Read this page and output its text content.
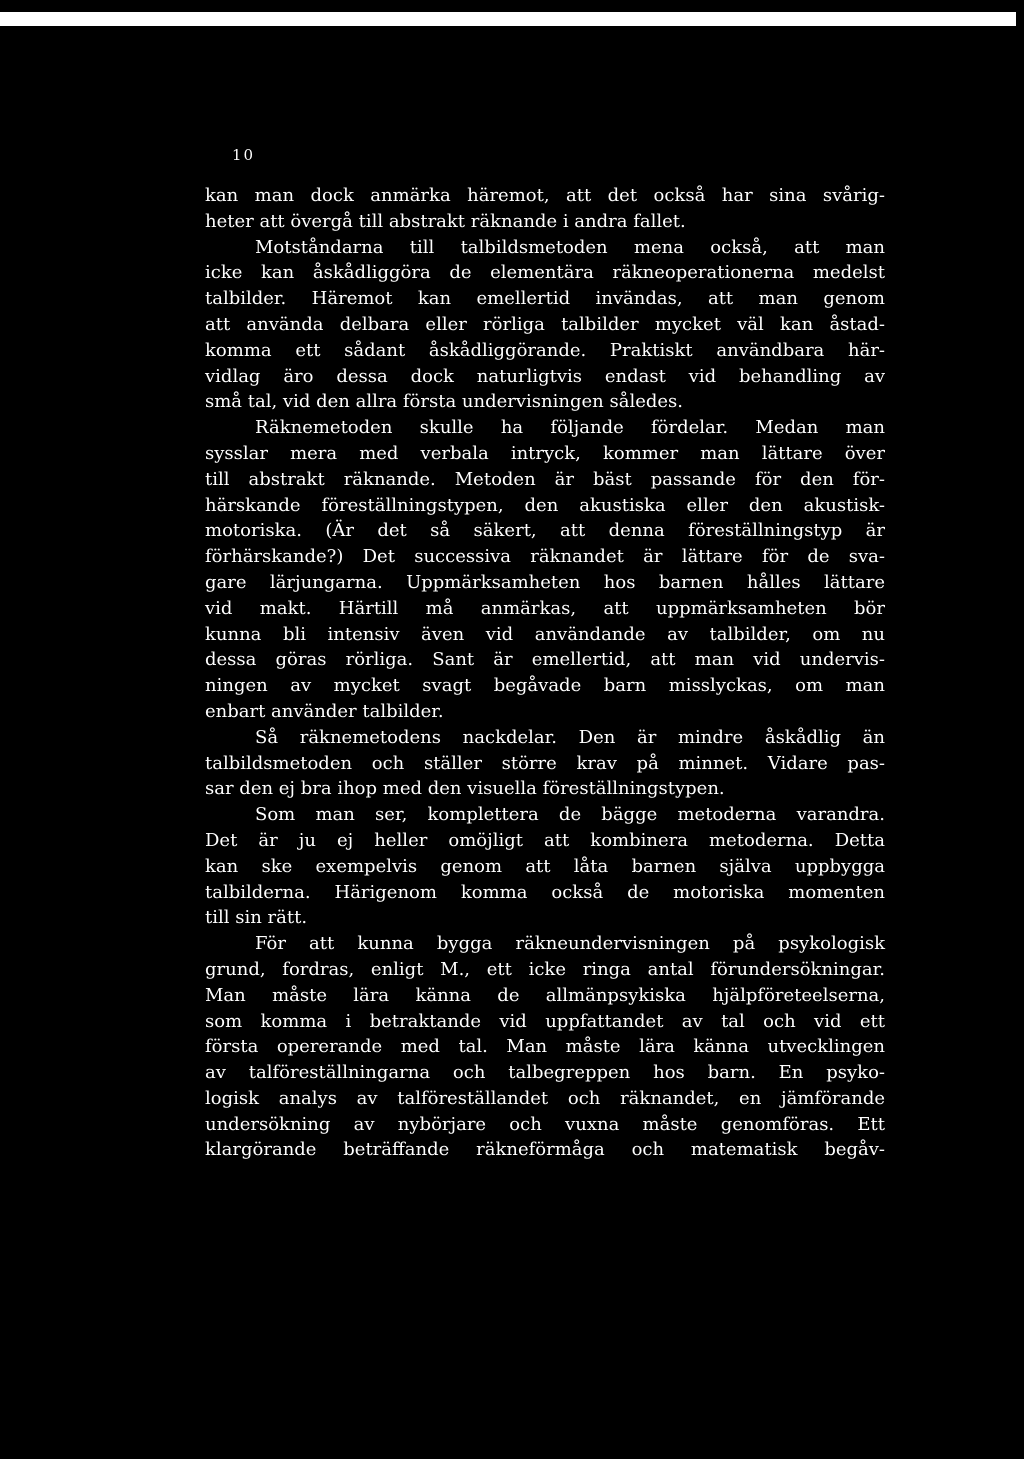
10
kan man dock anmärka häremot, att det också har sina svårig-
heter att övergå till abstrakt räknande i andra fallet.
Motståndarna till talbildsmetoden mena också, att man
icke kan åskådliggöra de elementära räkneoperationerna medelst
talbilder. Häremot kan emellertid invändas, att man genom
att använda delbara eller rörliga talbilder mycket väl kan åstad-
komma ett sådant åskådliggörande. Praktiskt användbara här-
vidlag äro dessa dock naturligtvis endast vid behandling av
små tal, vid den allra första undervisningen således.
Räknemetoden skulle ha följande fördelar. Medan man
sysslar mera med verbala intryck, kommer man lättare över
till abstrakt räknande. Metoden är bäst passande för den för-
härskande föreställningstypen, den akustiska eller den akustisk-
motoriska. (Är det så säkert, att denna föreställningstyp är
förhärskande?) Det successiva räknandet är lättare för de sva-
gare lärjungarna. Uppmärksamheten hos barnen hålles lättare
vid makt. Härtill må anmärkas, att uppmärksamheten bör
kunna bli intensiv även vid användande av talbilder, om nu
dessa göras rörliga. Sant är emellertid, att man vid undervis-
ningen av mycket svagt begåvade barn misslyckas, om man
enbart använder talbilder.
Så räknemetodens nackdelar. Den är mindre åskådlig än
talbildsmetoden och ställer större krav på minnet. Vidare pas-
sar den ej bra ihop med den visuella föreställningstypen.
Som man ser, komplettera de bägge metoderna varandra.
Det är ju ej heller omöjligt att kombinera metoderna. Detta
kan ske exempelvis genom att låta barnen själva uppbygga
talbilderna. Härigenom komma också de motoriska momenten
till sin rätt.
För att kunna bygga räkneundervisningen på psykologisk
grund, fordras, enligt M., ett icke ringa antal förundersökningar.
Man måste lära känna de allmänpsykiska hjälpföreteelserna,
som komma i betraktande vid uppfattandet av tal och vid ett
första opererande med tal. Man måste lära känna utvecklingen
av talföreställningarna och talbegreppen hos barn. En psyko-
logisk analys av talföreställandet och räknandet, en jämförande
undersökning av nybörjare och vuxna måste genomföras. Ett
klargörande beträffande räkneförmåga och matematisk begåv-
